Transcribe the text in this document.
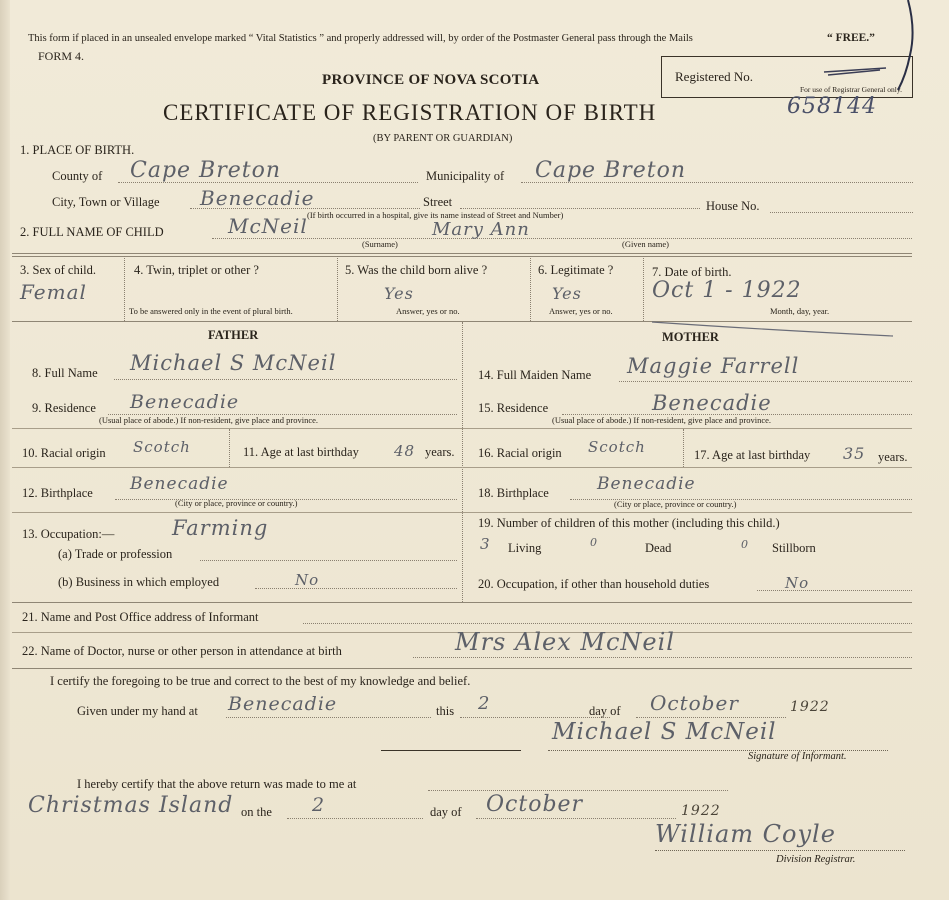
This form if placed in an unsealed envelope marked “ Vital Statistics ” and properly addressed will, by order of the Postmaster General pass through the Mails	“ FREE.”
FORM 4.
PROVINCE OF NOVA SCOTIA
CERTIFICATE OF REGISTRATION OF BIRTH
(BY PARENT OR GUARDIAN)
Registered No.
For use of Registrar General only.
658144
1. PLACE OF BIRTH.
County of Cape Breton	Municipality of Cape Breton
City, Town or Village Benecadie	Street	House No.
(If birth occurred in a hospital, give its name instead of Street and Number)
2. FULL NAME OF CHILD	McNeil	Mary Ann
(Surname)	(Given name)
3. Sex of child.
Femal
4. Twin, triplet or other ?
To be answered only in the event of plural birth.
5. Was the child born alive ?
Yes
Answer, yes or no.
6. Legitimate ?
Yes
Answer, yes or no.
7. Date of birth.
Oct 1 - 1922
Month, day, year.
FATHER	MOTHER
8. Full Name Michael S McNeil
9. Residence Benecadie
(Usual place of abode.) If non-resident, give place and province.
10. Racial origin Scotch	11. Age at last birthday 48 years.
12. Birthplace Benecadie
(City or place, province or country.)
13. Occupation:—
(a) Trade or profession
Farming
(b) Business in which employed	No
14. Full Maiden Name Maggie Farrell
15. Residence	Benecadie
(Usual place of abode.) If non-resident, give place and province.
16. Racial origin Scotch	17. Age at last birthday 35 years.
18. Birthplace	Benecadie
(City or place, province or country.)
19. Number of children of this mother (including this child.)
3 Living	0	Dead	0 Stillborn
20. Occupation, if other than household duties	No
21. Name and Post Office address of Informant
22. Name of Doctor, nurse or other person in attendance at birth	Mrs Alex McNeil
I certify the foregoing to be true and correct to the best of my knowledge and belief.
Given under my hand at Benecadie	this 2	day of October	1922
Michael S McNeil
Signature of Informant.
I hereby certify that the above return was made to me at
Christmas Island on the 2	day of October	1922
William Coyle
Division Registrar.
